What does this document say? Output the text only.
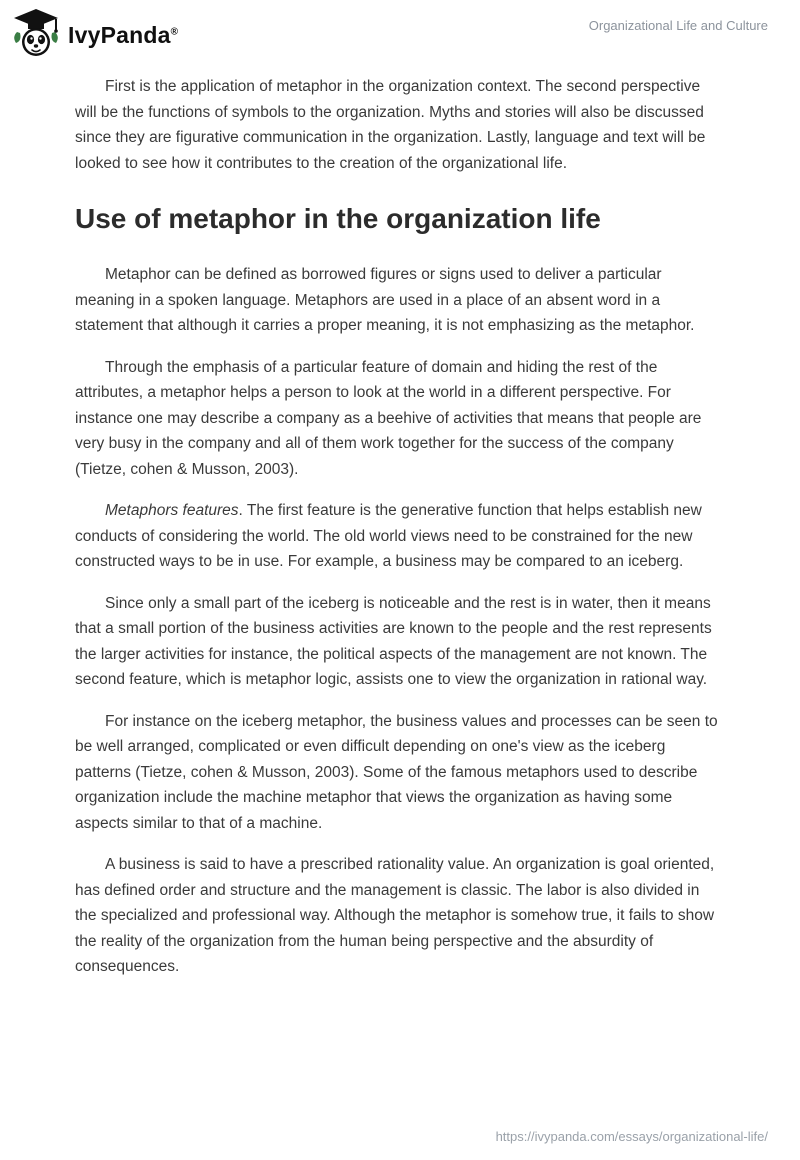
IvyPanda®	Organizational Life and Culture

First is the application of metaphor in the organization context. The second perspective will be the functions of symbols to the organization. Myths and stories will also be discussed since they are figurative communication in the organization. Lastly, language and text will be looked to see how it contributes to the creation of the organizational life.

Use of metaphor in the organization life

Metaphor can be defined as borrowed figures or signs used to deliver a particular meaning in a spoken language. Metaphors are used in a place of an absent word in a statement that although it carries a proper meaning, it is not emphasizing as the metaphor.

Through the emphasis of a particular feature of domain and hiding the rest of the attributes, a metaphor helps a person to look at the world in a different perspective. For instance one may describe a company as a beehive of activities that means that people are very busy in the company and all of them work together for the success of the company (Tietze, cohen & Musson, 2003).

Metaphors features. The first feature is the generative function that helps establish new conducts of considering the world. The old world views need to be constrained for the new constructed ways to be in use. For example, a business may be compared to an iceberg.

Since only a small part of the iceberg is noticeable and the rest is in water, then it means that a small portion of the business activities are known to the people and the rest represents the larger activities for instance, the political aspects of the management are not known. The second feature, which is metaphor logic, assists one to view the organization in rational way.

For instance on the iceberg metaphor, the business values and processes can be seen to be well arranged, complicated or even difficult depending on one's view as the iceberg patterns (Tietze, cohen & Musson, 2003). Some of the famous metaphors used to describe organization include the machine metaphor that views the organization as having some aspects similar to that of a machine.

A business is said to have a prescribed rationality value. An organization is goal oriented, has defined order and structure and the management is classic. The labor is also divided in the specialized and professional way. Although the metaphor is somehow true, it fails to show the reality of the organization from the human being perspective and the absurdity of consequences.

https://ivypanda.com/essays/organizational-life/
